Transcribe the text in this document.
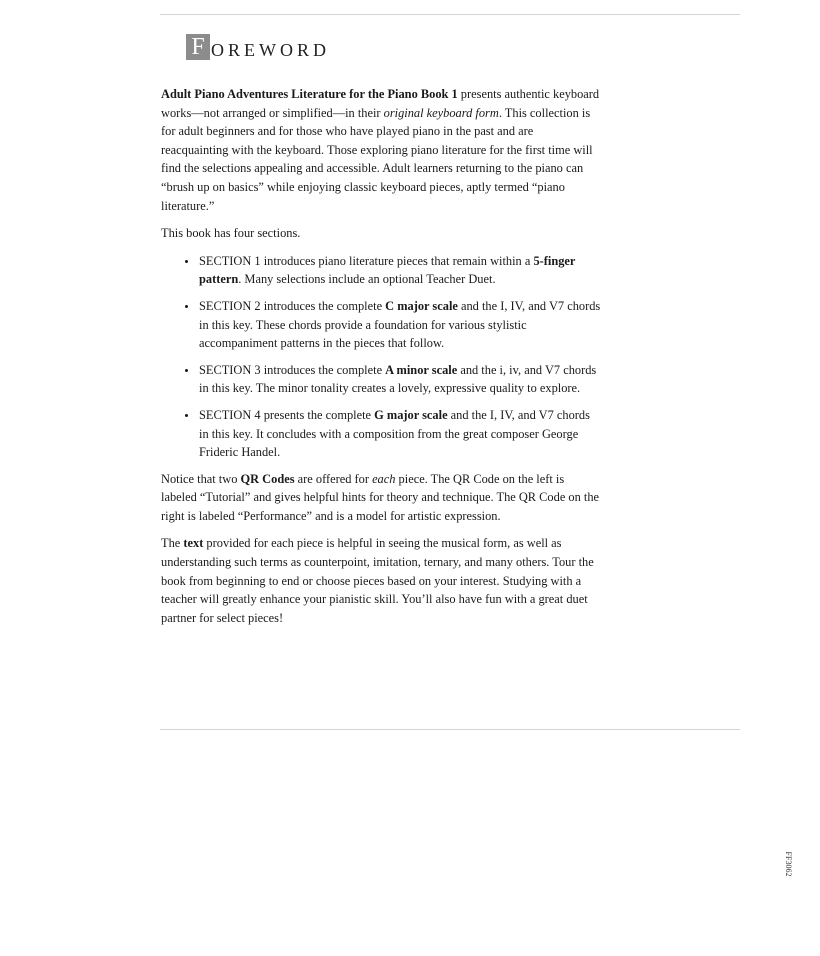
F OREWORD

Adult Piano Adventures Literature for the Piano Book 1 presents authentic keyboard works—not arranged or simplified—in their original keyboard form. This collection is for adult beginners and for those who have played piano in the past and are reacquainting with the keyboard. Those exploring piano literature for the first time will find the selections appealing and accessible. Adult learners returning to the piano can “brush up on basics” while enjoying classic keyboard pieces, aptly termed “piano literature.”

This book has four sections.

SECTION 1 introduces piano literature pieces that remain within a 5-finger pattern. Many selections include an optional Teacher Duet.
SECTION 2 introduces the complete C major scale and the I, IV, and V7 chords in this key. These chords provide a foundation for various stylistic accompaniment patterns in the pieces that follow.
SECTION 3 introduces the complete A minor scale and the i, iv, and V7 chords in this key. The minor tonality creates a lovely, expressive quality to explore.
SECTION 4 presents the complete G major scale and the I, IV, and V7 chords in this key. It concludes with a composition from the great composer George Frideric Handel.

Notice that two QR Codes are offered for each piece. The QR Code on the left is labeled “Tutorial” and gives helpful hints for theory and technique. The QR Code on the right is labeled “Performance” and is a model for artistic expression.

The text provided for each piece is helpful in seeing the musical form, as well as understanding such terms as counterpoint, imitation, ternary, and many others. Tour the book from beginning to end or choose pieces based on your interest. Studying with a teacher will greatly enhance your pianistic skill. You’ll also have fun with a great duet partner for select pieces!

FF3062
